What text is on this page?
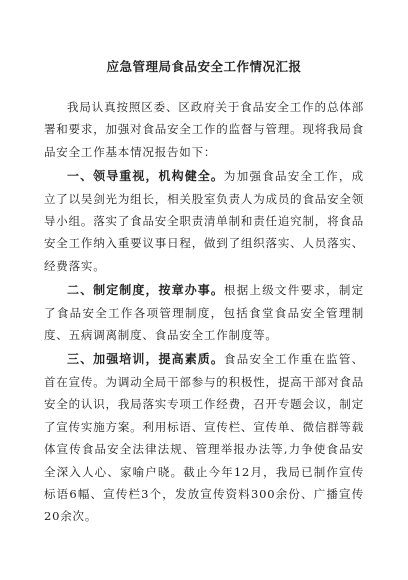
应急管理局食品安全工作情况汇报

我局认真按照区委、区政府关于食品安全工作的总体部署和要求，加强对食品安全工作的监督与管理。现将我局食品安全工作基本情况报告如下：

一、领导重视，机构健全。为加强食品安全工作，成立了以吴剑光为组长，相关股室负责人为成员的食品安全领导小组。落实了食品安全职责清单制和责任追究制，将食品安全工作纳入重要议事日程，做到了组织落实、人员落实、经费落实。

二、制定制度，按章办事。根据上级文件要求，制定了食品安全工作各项管理制度，包括食堂食品安全管理制度、五病调离制度、食品安全工作制度等。

三、加强培训，提高素质。食品安全工作重在监管、首在宣传。为调动全局干部参与的积极性，提高干部对食品安全的认识，我局落实专项工作经费，召开专题会议，制定了宣传实施方案。利用标语、宣传栏、宣传单、微信群等载体宣传食品安全法律法规、管理举报办法等,力争使食品安全深入人心、家喻户晓。截止今年12月，我局已制作宣传标语6幅、宣传栏3个，发放宣传资料300余份、广播宣传20余次。
